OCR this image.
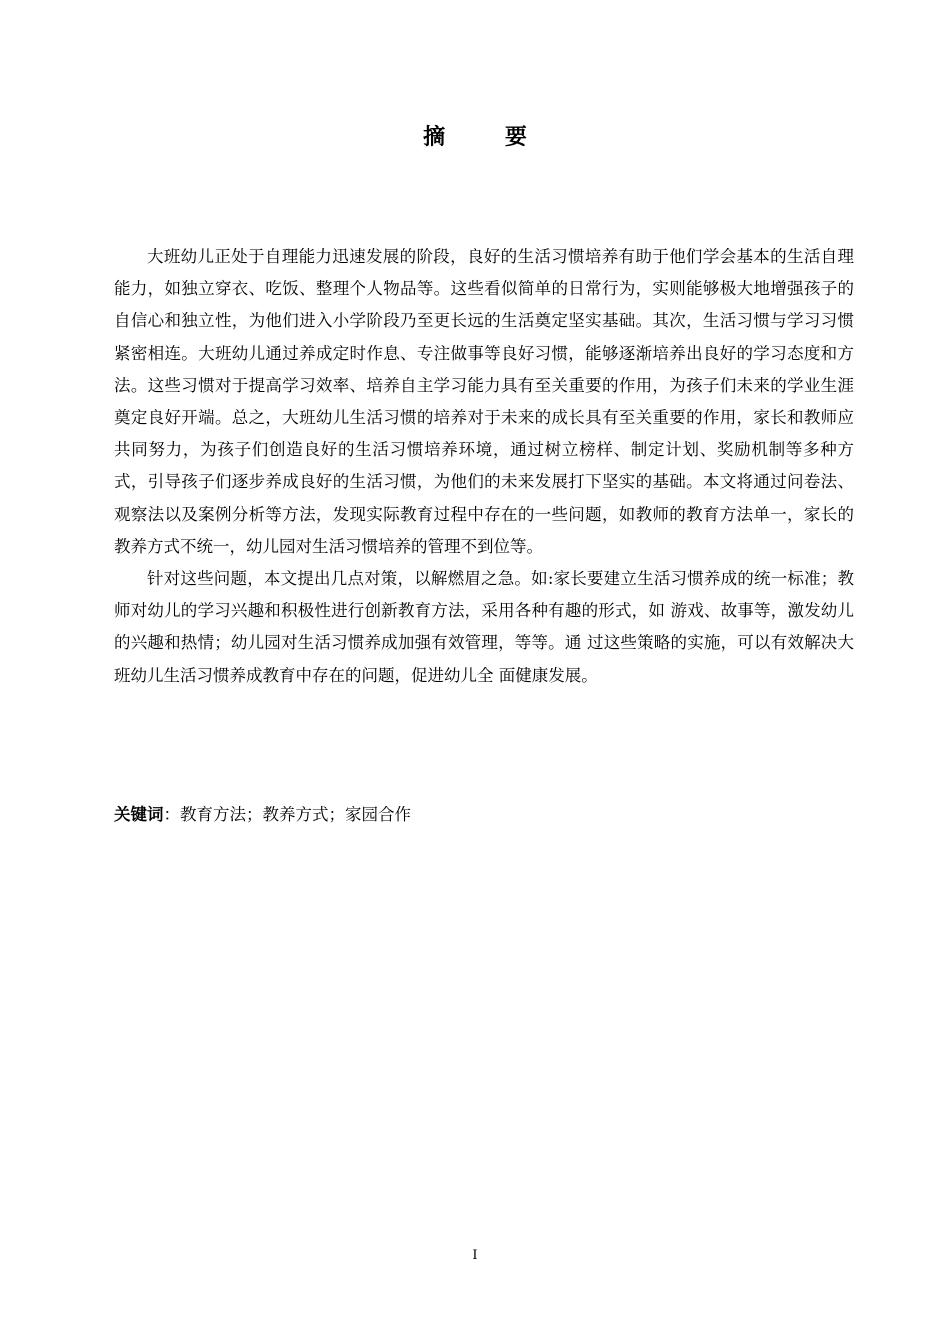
摘 要

大班幼儿正处于自理能力迅速发展的阶段，良好的生活习惯培养有助于他们学会基本的生活自理能力，如独立穿衣、吃饭、整理个人物品等。这些看似简单的日常行为，实则能够极大地增强孩子的自信心和独立性，为他们进入小学阶段乃至更长远的生活奠定坚实基础。其次，生活习惯与学习习惯紧密相连。大班幼儿通过养成定时作息、专注做事等良好习惯，能够逐渐培养出良好的学习态度和方法。这些习惯对于提高学习效率、培养自主学习能力具有至关重要的作用，为孩子们未来的学业生涯奠定良好开端。总之，大班幼儿生活习惯的培养对于未来的成长具有至关重要的作用，家长和教师应共同努力，为孩子们创造良好的生活习惯培养环境，通过树立榜样、制定计划、奖励机制等多种方式，引导孩子们逐步养成良好的生活习惯，为他们的未来发展打下坚实的基础。本文将通过问卷法、观察法以及案例分析等方法，发现实际教育过程中存在的一些问题，如教师的教育方法单一，家长的教养方式不统一，幼儿园对生活习惯培养的管理不到位等。

针对这些问题，本文提出几点对策，以解燃眉之急。如:家长要建立生活习惯养成的统一标准；教师对幼儿的学习兴趣和积极性进行创新教育方法，采用各种有趣的形式，如 游戏、故事等，激发幼儿的兴趣和热情；幼儿园对生活习惯养成加强有效管理，等等。通 过这些策略的实施，可以有效解决大班幼儿生活习惯养成教育中存在的问题，促进幼儿全 面健康发展。

关键词：教育方法；教养方式；家园合作
I
